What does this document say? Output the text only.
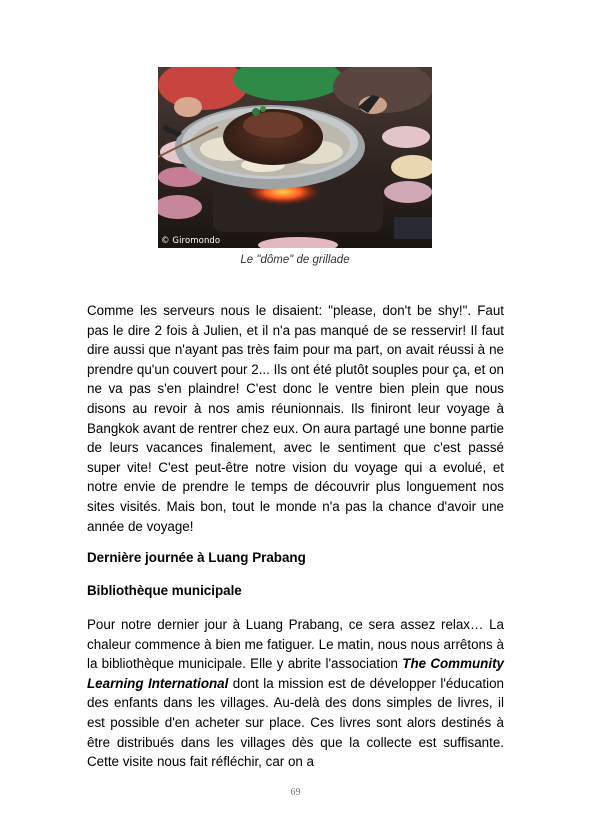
© Giromondo
Le "dôme" de grillade

Comme les serveurs nous le disaient: "please, don't be shy!". Faut pas le dire 2 fois à Julien, et il n'a pas manqué de se resservir! Il faut dire aussi que n'ayant pas très faim pour ma part, on avait réussi à ne prendre qu'un couvert pour 2... Ils ont été plutôt souples pour ça, et on ne va pas s'en plaindre! C'est donc le ventre bien plein que nous disons au revoir à nos amis réunionnais. Ils finiront leur voyage à Bangkok avant de rentrer chez eux. On aura partagé une bonne partie de leurs vacances finalement, avec le sentiment que c'est passé super vite! C'est peut-être notre vision du voyage qui a evolué, et notre envie de prendre le temps de découvrir plus longuement nos sites visités. Mais bon, tout le monde n'a pas la chance d'avoir une année de voyage!

Dernière journée à Luang Prabang
Bibliothèque municipale

Pour notre dernier jour à Luang Prabang, ce sera assez relax… La chaleur commence à bien me fatiguer. Le matin, nous nous arrêtons à la bibliothèque municipale. Elle y abrite l'association The Community Learning International dont la mission est de développer l'éducation des enfants dans les villages. Au-delà des dons simples de livres, il est possible d'en acheter sur place. Ces livres sont alors destinés à être distribués dans les villages dès que la collecte est suffisante. Cette visite nous fait réfléchir, car on a

69
